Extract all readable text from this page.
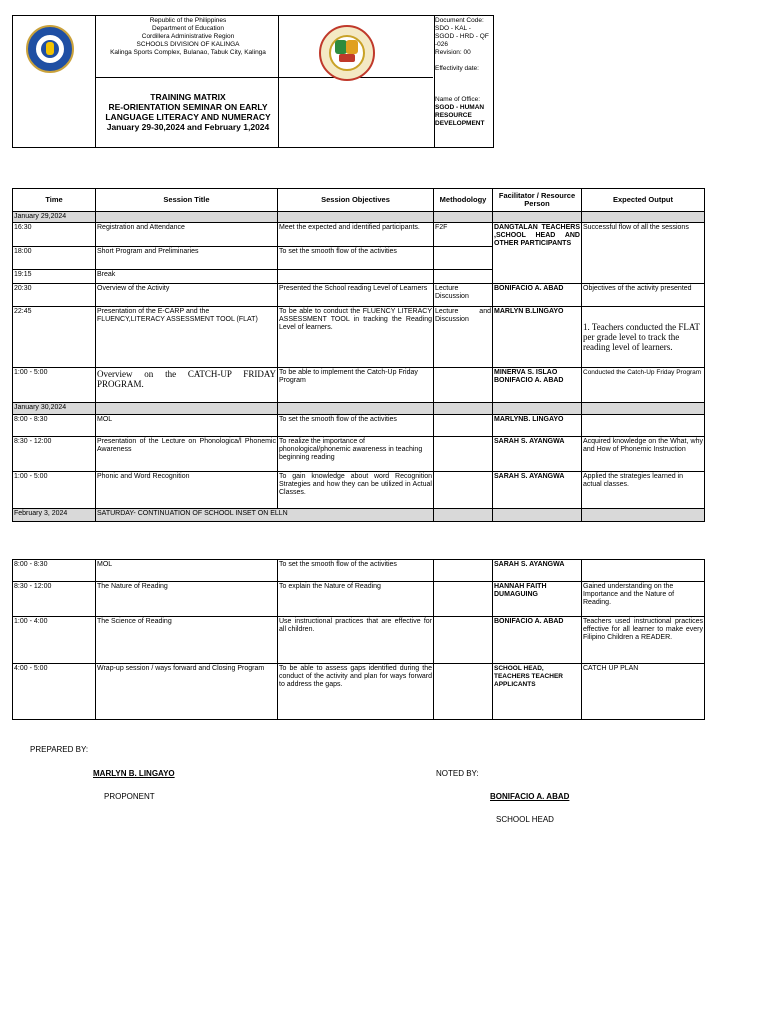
Republic of the Philippines
Department of Education
Cordillera Administrative Region
SCHOOLS DIVISION OF KALINGA
Kalinga Sports Complex, Bulanao, Tabuk City, Kalinga
TRAINING MATRIX
RE-ORIENTATION SEMINAR ON EARLY
LANGUAGE LITERACY AND NUMERACY
January 29-30,2024 and February 1,2024
Document Code:
SDO - KAL -
SGOD - HRD - QF
-026
Revision: 00
Effectivity date:
Name of Office:
SGOD - HUMAN
RESOURCE
DEVELOPMENT
Time	Session Title	Session Objectives	Methodology	Facilitator / Resource Person	Expected Output
January 29,2024					
16:30	Registration and Attendance	Meet the expected and identified participants.	F2F	DANGTALAN TEACHERS ,SCHOOL HEAD AND OTHER PARTICIPANTS	Successful flow of all the sessions
18:00	Short Program and Preliminaries	To set the smooth flow of the activities			
19:15	Break				
20:30	Overview of the Activity	Presented the School reading Level of Learners	Lecture Discussion	BONIFACIO A. ABAD	Objectives of the activity presented
22:45	Presentation of the E-CARP and the FLUENCY,LITERACY ASSESSMENT TOOL (FLAT)	To be able to conduct the FLUENCY LITERACY ASSESSMENT TOOL in tracking the Reading Level of learners.	Lecture and Discussion	MARLYN B.LINGAYO	1. Teachers conducted the FLAT per grade level to track the reading level of learners.
1:00 - 5:00	Overview on the CATCH-UP FRIDAY PROGRAM.	To be able to implement the Catch-Up Friday Program		MINERVA S. ISLAO BONIFACIO A. ABAD	Conducted the Catch-Up Friday Program
January 30,2024					
8:00 - 8:30	MOL	To set the smooth flow of the activities		MARLYNB. LINGAYO	
8:30 - 12:00	Presentation of the Lecture on Phonologica/l Phonemic Awareness	To realize the importance of phonological/phonemic awareness in teaching beginning reading		SARAH S. AYANGWA	Acquired knowledge on the What, why and How of Phonemic Instruction
1:00 - 5:00	Phonic and Word Recognition	To gain knowledge about word Recognition Strategies and how they can be utilized in Actual Classes.		SARAH S. AYANGWA	Applied the strategies learned in actual classes.
February 3, 2024	SATURDAY- CONTINUATION OF SCHOOL INSET ON ELLN				
8:00 - 8:30	MOL	To set the smooth flow of the activities		SARAH S. AYANGWA	
8:30 - 12:00	The Nature of Reading	To explain the Nature of Reading		HANNAH FAITH DUMAGUING	Gained understanding on the Importance and the Nature of Reading.
1:00 - 4:00	The Science of Reading	Use instructional practices that are effective for all children.		BONIFACIO A. ABAD	Teachers used instructional practices effective for all learner to make every Filipino Children a READER.
4:00 - 5:00	Wrap-up session / ways forward and Closing Program	To be able to assess gaps identified during the conduct of the activity and plan for ways forward to address the gaps.		SCHOOL HEAD, TEACHERS TEACHER APPLICANTS	CATCH UP PLAN
PREPARED BY:
MARLYN B. LINGAYO
PROPONENT
NOTED BY:
BONIFACIO A. ABAD
SCHOOL HEAD
